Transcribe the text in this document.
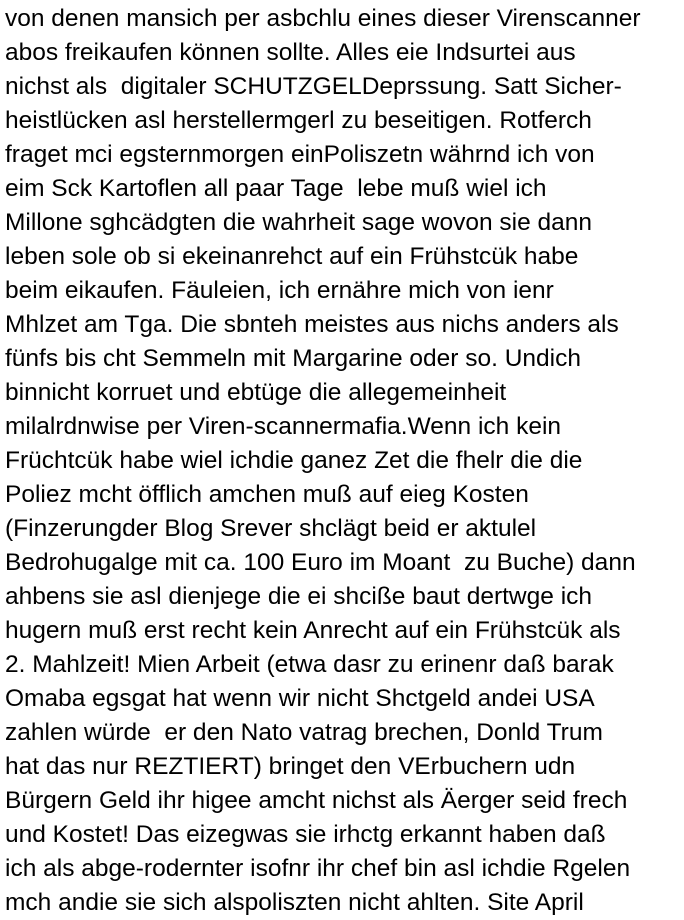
von denen mansich per asbchlu eines dieser Virenscanner
abos freikaufen können sollte. Alles eie Indsurtei aus
nichst als  digitaler SCHUTZGELDeprssung. Satt Sicher-
heistlücken asl herstellermgerl zu beseitigen. Rotferch
fraget mci egsternmorgen einPoliszetn währnd ich von
eim Sck Kartoflen all paar Tage  lebe muß wiel ich
Millone sghcädgten die wahrheit sage wovon sie dann
leben sole ob si ekeinanrehct auf ein Frühstcük habe
beim eikaufen. Fäuleien, ich ernähre mich von ienr
Mhlzet am Tga. Die sbnteh meistes aus nichs anders als
fünfs bis cht Semmeln mit Margarine oder so. Undich
binnicht korruet und ebtüge die allegemeinheit
milalrdnwise per Viren-scannermafia.Wenn ich kein
Früchtcük habe wiel ichdie ganez Zet die fhelr die die
Poliez mcht öfflich amchen muß auf eieg Kosten
(Finzerungder Blog Srever shclägt beid er aktulel
Bedrohugalge mit ca. 100 Euro im Moant  zu Buche) dann
ahbens sie asl dienjege die ei shciße baut dertwge ich
hugern muß erst recht kein Anrecht auf ein Frühstcük als
2. Mahlzeit! Mien Arbeit (etwa dasr zu erinenr daß barak
Omaba egsgat hat wenn wir nicht Shctgeld andei USA
zahlen würde  er den Nato vatrag brechen, Donld Trum
hat das nur REZTIERT) bringet den VErbuchern udn
Bürgern Geld ihr higee amcht nichst als Äerger seid frech
und Kostet! Das eizegwas sie irhctg erkannt haben daß
ich als abge-rodernter isofnr ihr chef bin asl ichdie Rgelen
mch andie sie sich alspoliszten nicht ahlten. Site April
